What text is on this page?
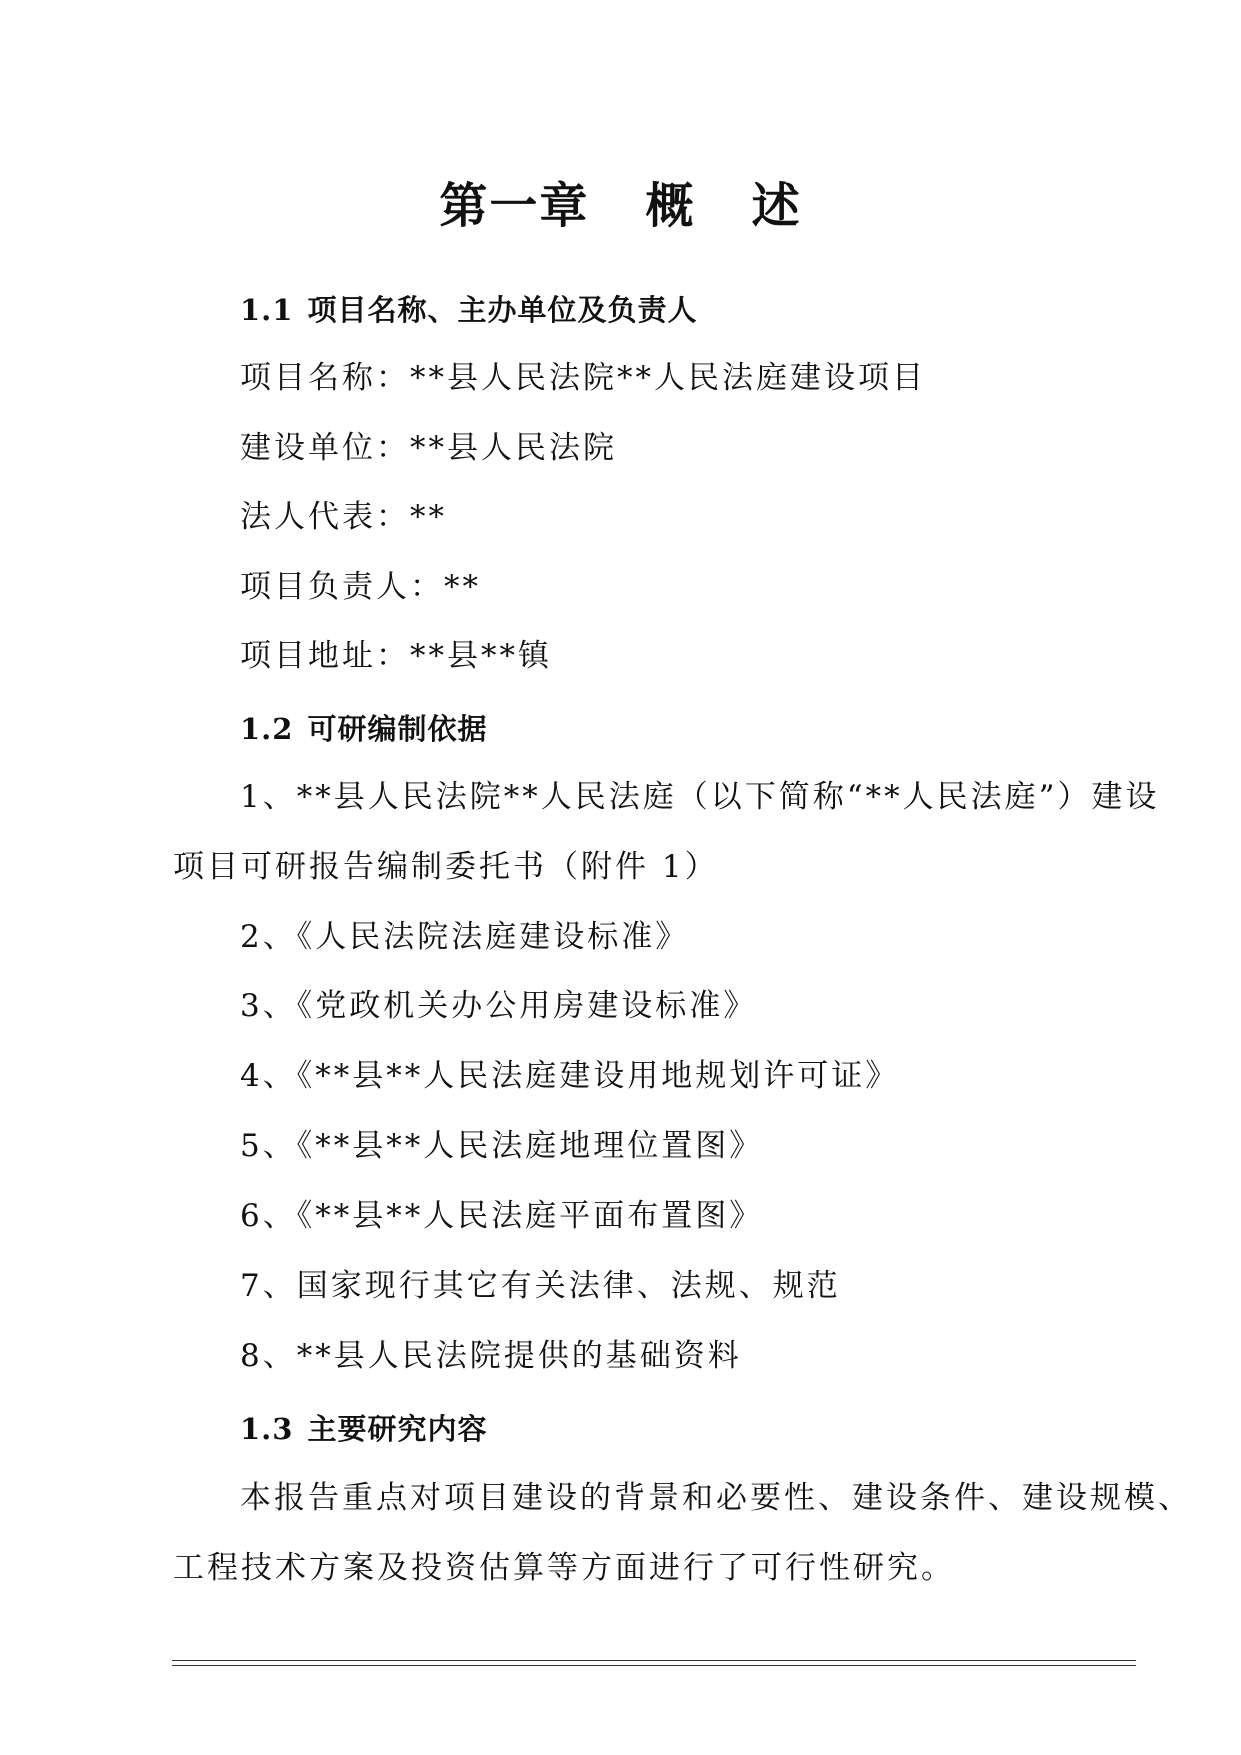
第一章   概   述
1.1 项目名称、主办单位及负责人
项目名称：**县人民法院**人民法庭建设项目
建设单位：**县人民法院
法人代表：**
项目负责人：**
项目地址：**县**镇
1.2 可研编制依据
1、**县人民法院**人民法庭（以下简称“**人民法庭”）建设
项目可研报告编制委托书（附件 1）
2、《人民法院法庭建设标准》
3、《党政机关办公用房建设标准》
4、《**县**人民法庭建设用地规划许可证》
5、《**县**人民法庭地理位置图》
6、《**县**人民法庭平面布置图》
7、国家现行其它有关法律、法规、规范
8、**县人民法院提供的基础资料
1.3 主要研究内容
本报告重点对项目建设的背景和必要性、建设条件、建设规模、
工程技术方案及投资估算等方面进行了可行性研究。
